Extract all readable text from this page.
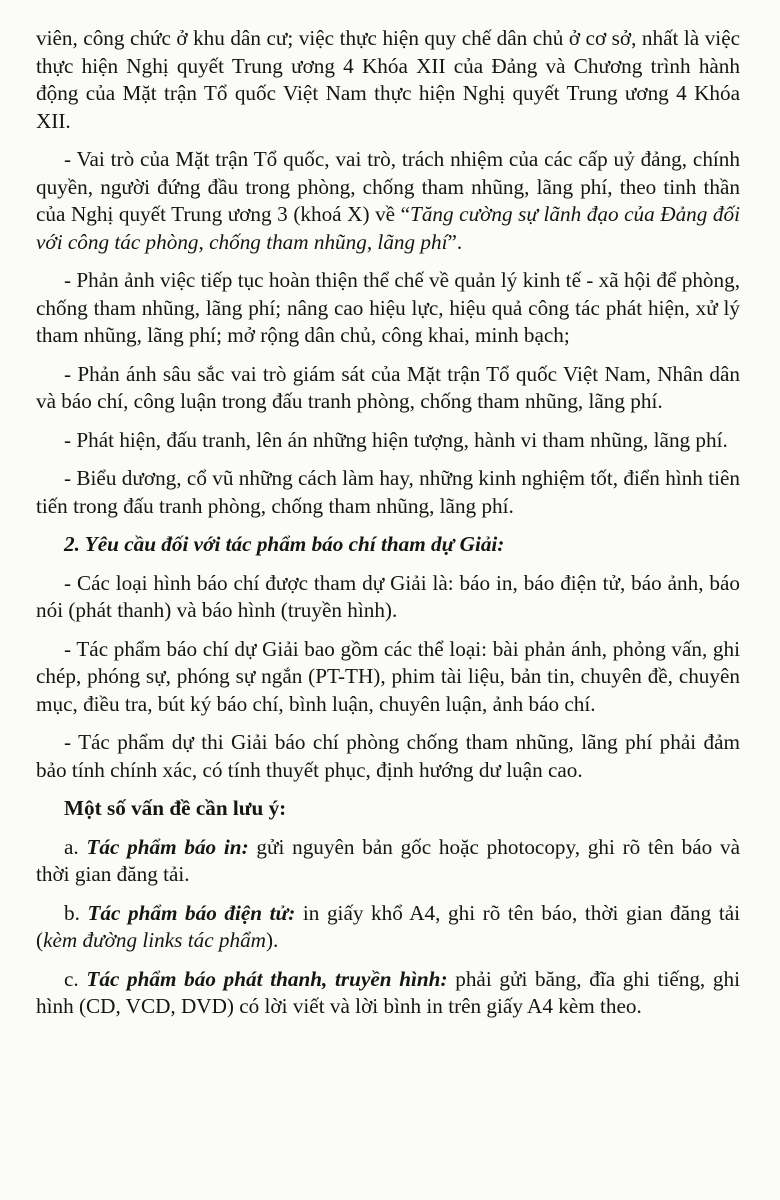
viên, công chức ở khu dân cư; việc thực hiện quy chế dân chủ ở cơ sở, nhất là việc thực hiện Nghị quyết Trung ương 4 Khóa XII của Đảng và Chương trình hành động của Mặt trận Tổ quốc Việt Nam thực hiện Nghị quyết Trung ương 4 Khóa XII.

- Vai trò của Mặt trận Tổ quốc, vai trò, trách nhiệm của các cấp uỷ đảng, chính quyền, người đứng đầu trong phòng, chống tham nhũng, lãng phí, theo tinh thần của Nghị quyết Trung ương 3 (khoá X) về “Tăng cường sự lãnh đạo của Đảng đối với công tác phòng, chống tham nhũng, lãng phí”.

- Phản ảnh việc tiếp tục hoàn thiện thể chế về quản lý kinh tế - xã hội để phòng, chống tham nhũng, lãng phí; nâng cao hiệu lực, hiệu quả công tác phát hiện, xử lý tham nhũng, lãng phí; mở rộng dân chủ, công khai, minh bạch;

- Phản ánh sâu sắc vai trò giám sát của Mặt trận Tổ quốc Việt Nam, Nhân dân và báo chí, công luận trong đấu tranh phòng, chống tham nhũng, lãng phí.

- Phát hiện, đấu tranh, lên án những hiện tượng, hành vi tham nhũng, lãng phí.

- Biểu dương, cổ vũ những cách làm hay, những kinh nghiệm tốt, điển hình tiên tiến trong đấu tranh phòng, chống tham nhũng, lãng phí.

2. Yêu cầu đối với tác phẩm báo chí tham dự Giải:

- Các loại hình báo chí được tham dự Giải là: báo in, báo điện tử, báo ảnh, báo nói (phát thanh) và báo hình (truyền hình).

- Tác phẩm báo chí dự Giải bao gồm các thể loại: bài phản ánh, phỏng vấn, ghi chép, phóng sự, phóng sự ngắn (PT-TH), phim tài liệu, bản tin, chuyên đề, chuyên mục, điều tra, bút ký báo chí, bình luận, chuyên luận, ảnh báo chí.

- Tác phẩm dự thi Giải báo chí phòng chống tham nhũng, lãng phí phải đảm bảo tính chính xác, có tính thuyết phục, định hướng dư luận cao.

Một số vấn đề cần lưu ý:

a. Tác phẩm báo in: gửi nguyên bản gốc hoặc photocopy, ghi rõ tên báo và thời gian đăng tải.

b. Tác phẩm báo điện tử: in giấy khổ A4, ghi rõ tên báo, thời gian đăng tải (kèm đường links tác phẩm).

c. Tác phẩm báo phát thanh, truyền hình: phải gửi băng, đĩa ghi tiếng, ghi hình (CD, VCD, DVD) có lời viết và lời bình in trên giấy A4 kèm theo.
